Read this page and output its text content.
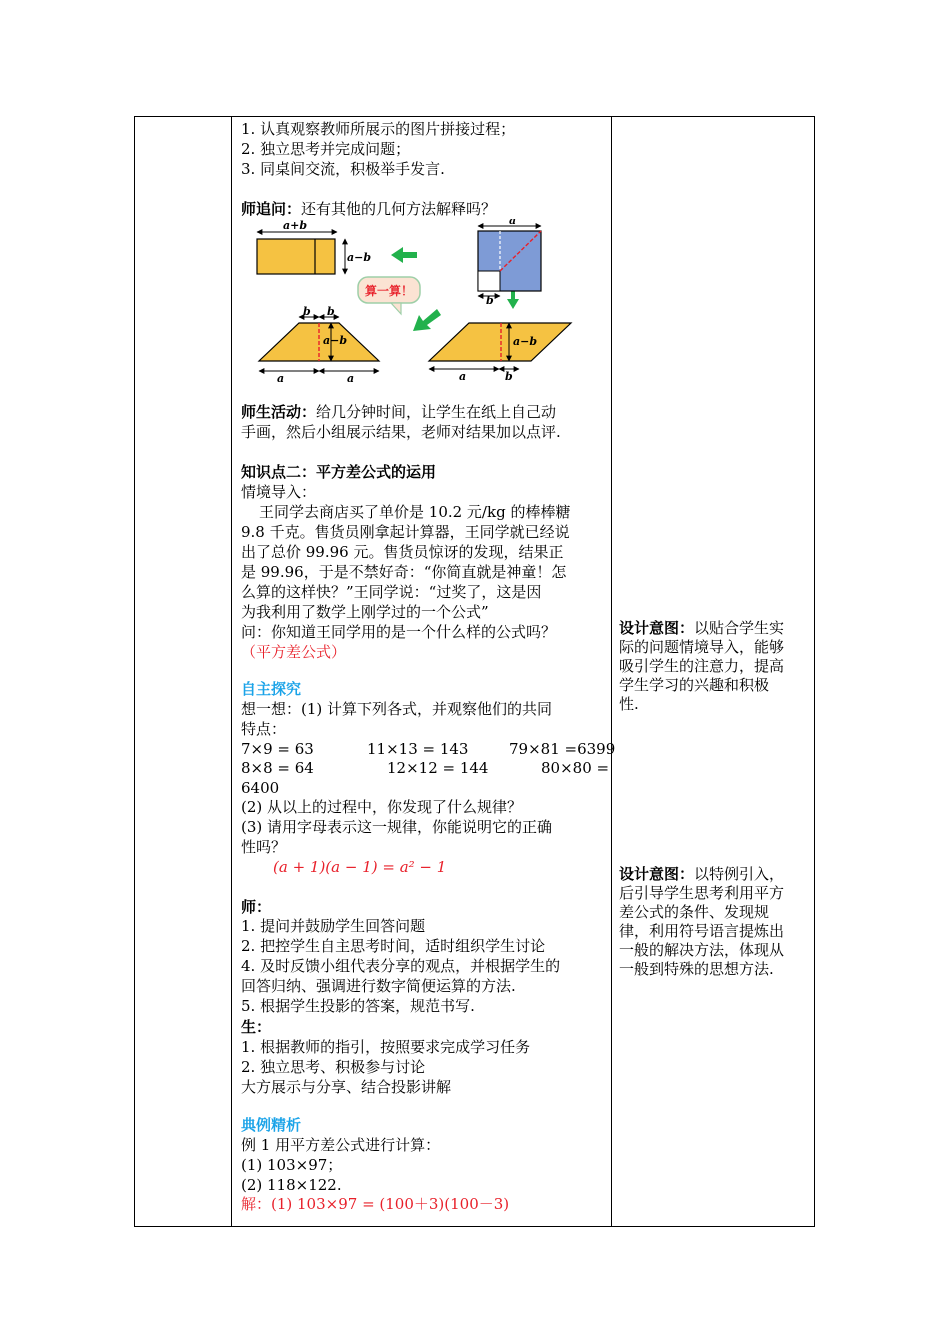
1. 认真观察教师所展示的图片拼接过程；
2. 独立思考并完成问题；
3. 同桌间交流，积极举手发言.
师追问：还有其他的几何方法解释吗？
a+b
a−b
算一算！
a
b
b b
a−b
a	a
a−b
a	b
师生活动：给几分钟时间，让学生在纸上自己动
手画，然后小组展示结果，老师对结果加以点评.
知识点二：平方差公式的运用
情境导入：
王同学去商店买了单价是 10.2 元/kg 的棒棒糖
9.8 千克。售货员刚拿起计算器，王同学就已经说
出了总价 99.96 元。售货员惊讶的发现，结果正
是 99.96，于是不禁好奇：“你简直就是神童！怎
么算的这样快？”王同学说：“过奖了，这是因
为我利用了数学上刚学过的一个公式”
问：你知道王同学用的是一个什么样的公式吗？
（平方差公式）
自主探究
想一想：(1) 计算下列各式，并观察他们的共同
特点：
7×9 = 63	11×13 = 143	79×81 =6399
8×8 = 64	12×12 = 144	80×80 =
6400
(2) 从以上的过程中，你发现了什么规律？
(3) 请用字母表示这一规律，你能说明它的正确
性吗？
(a + 1)(a − 1) = a² − 1
师：
1. 提问并鼓励学生回答问题
2. 把控学生自主思考时间，适时组织学生讨论
4. 及时反馈小组代表分享的观点，并根据学生的
回答归纳、强调进行数字简便运算的方法.
5. 根据学生投影的答案，规范书写.
生：
1. 根据教师的指引，按照要求完成学习任务
2. 独立思考、积极参与讨论
大方展示与分享、结合投影讲解
典例精析
例 1 用平方差公式进行计算：
(1) 103×97；
(2) 118×122.
解：(1) 103×97 = (100＋3)(100－3)
设计意图：以贴合学生实
际的问题情境导入，能够
吸引学生的注意力，提高
学生学习的兴趣和积极
性.
设计意图：以特例引入，
后引导学生思考利用平方
差公式的条件、发现规
律，利用符号语言提炼出
一般的解决方法，体现从
一般到特殊的思想方法.
